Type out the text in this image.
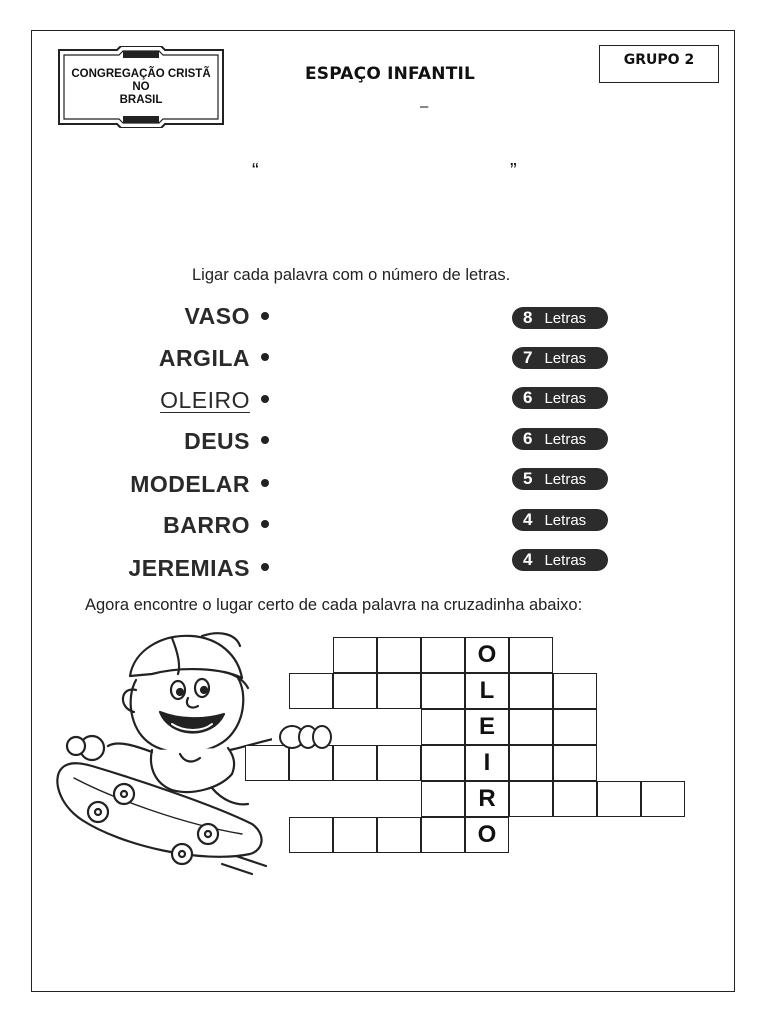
CONGREGAÇÃO CRISTÃ
NO
BRASIL
ESPAÇO INFANTIL
–
GRUPO 2
“	”
Ligar cada palavra com o número de letras.
VASO
ARGILA
OLEIRO
DEUS
MODELAR
BARRO
JEREMIAS
8 Letras
7 Letras
6 Letras
6 Letras
5 Letras
4 Letras
4 Letras
Agora encontre o lugar certo de cada palavra na cruzadinha abaixo:
O
L
E
I
R
O
